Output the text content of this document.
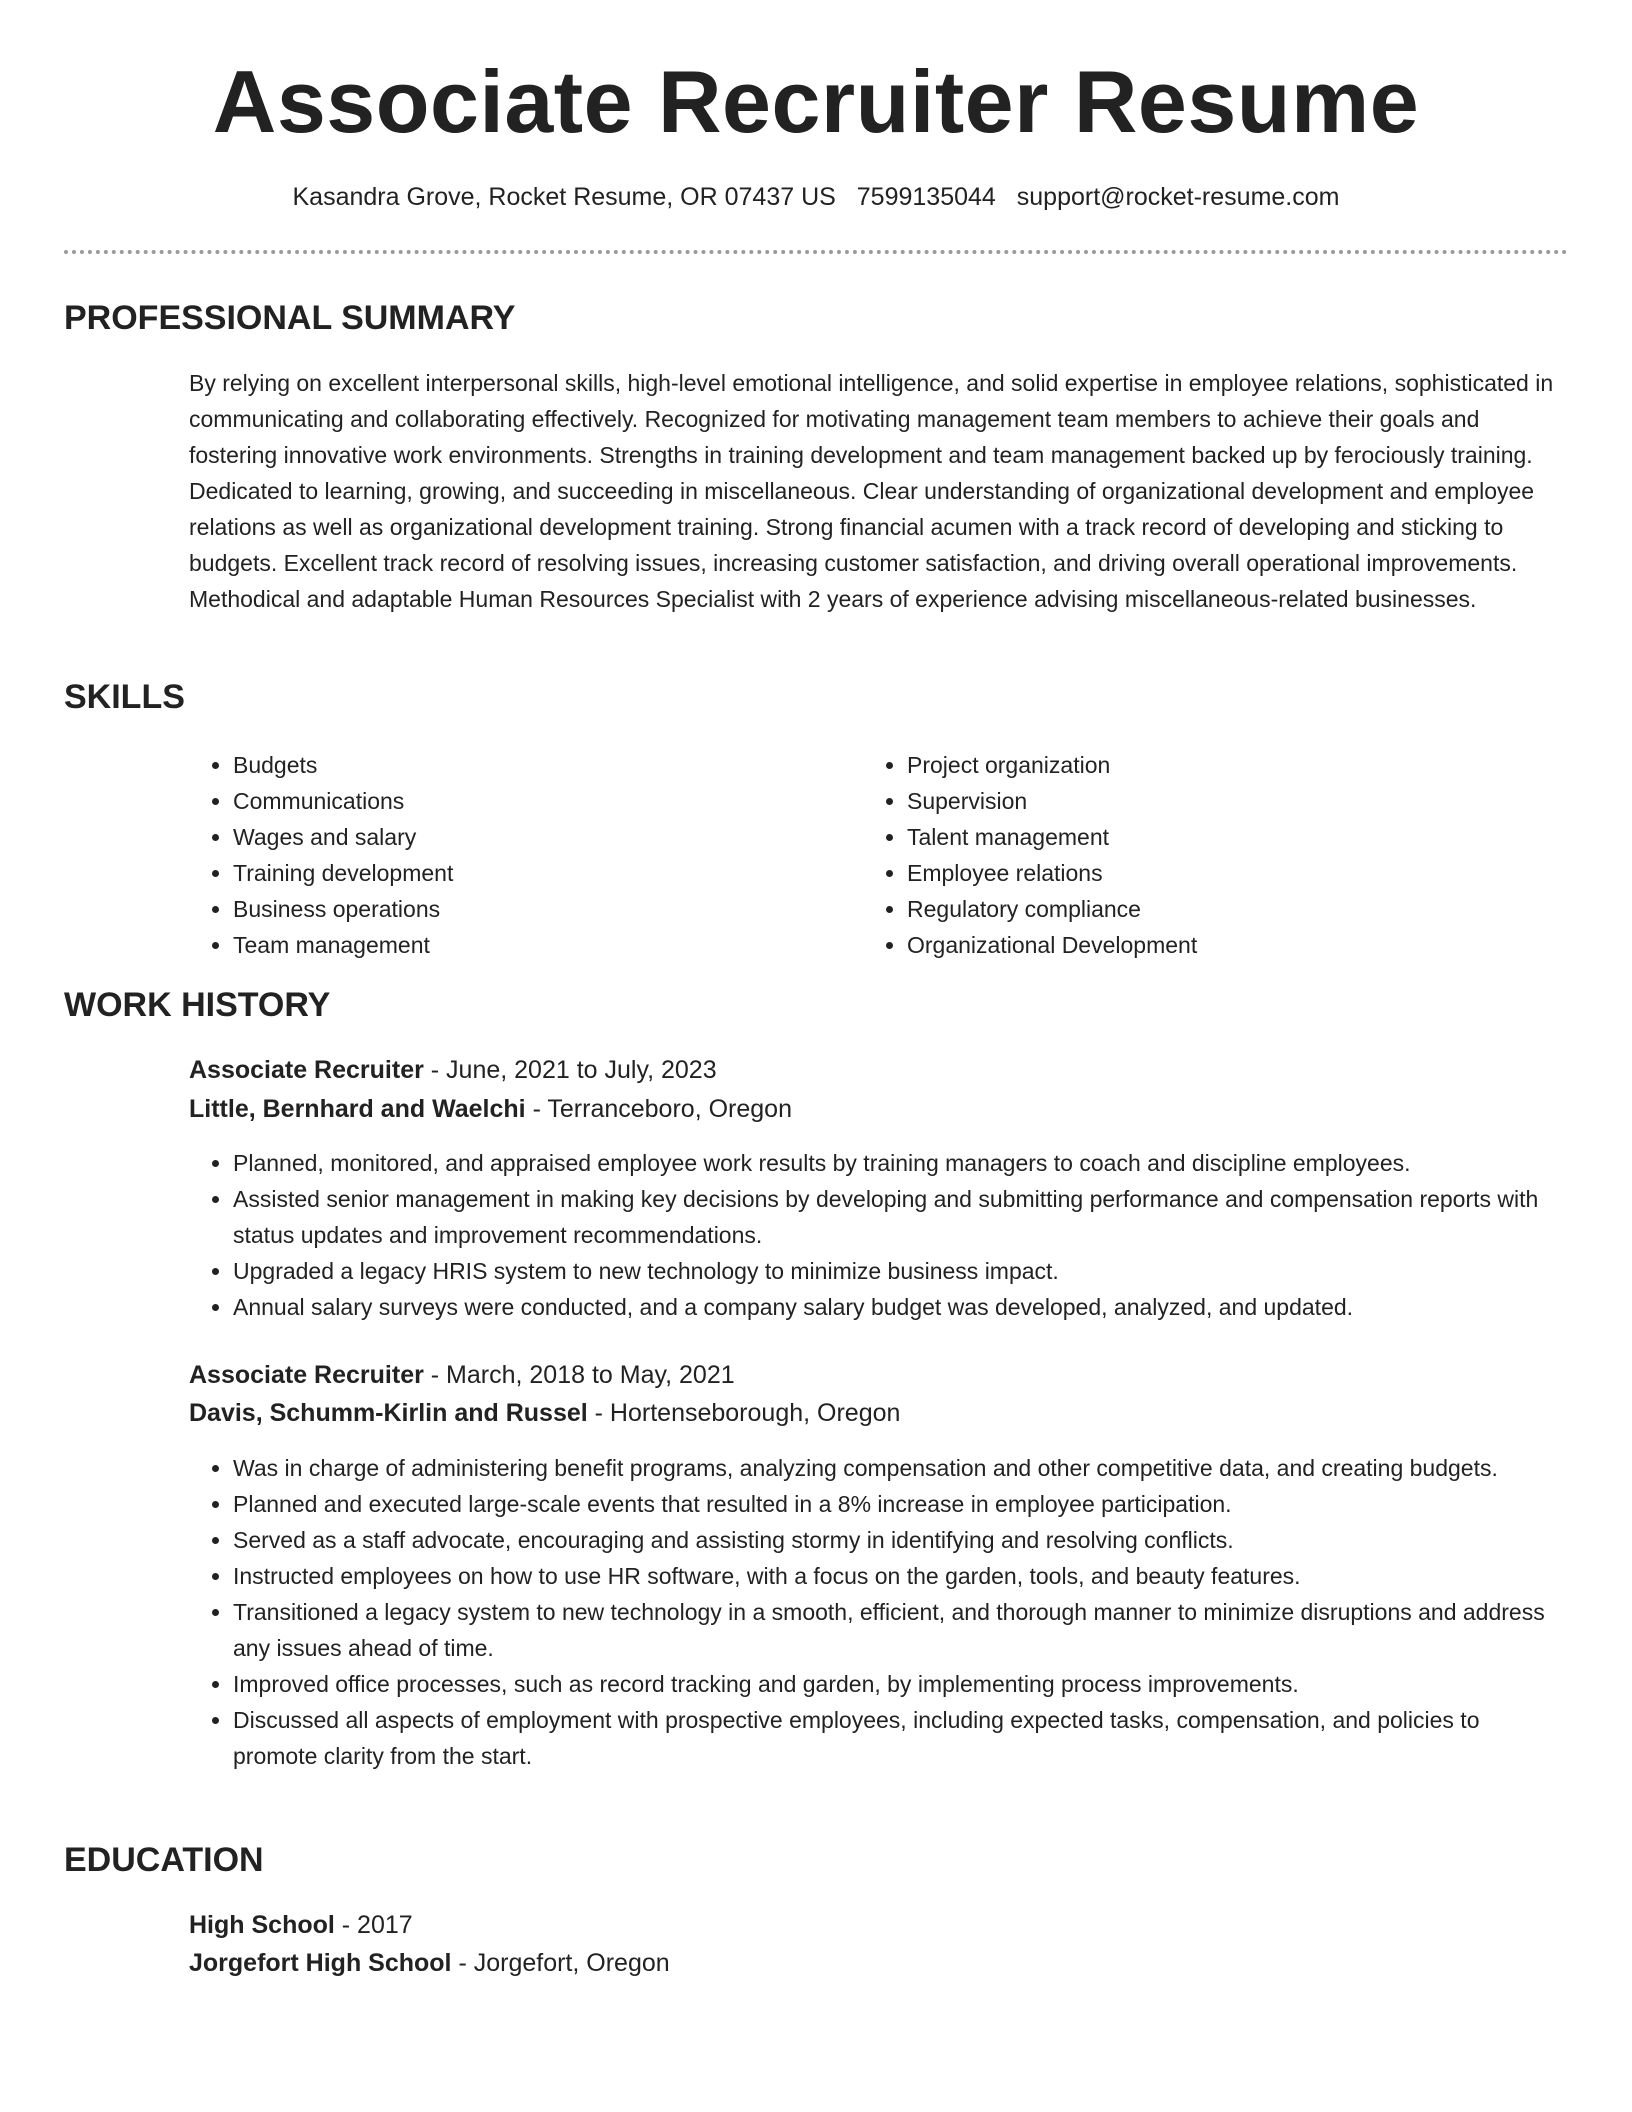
Associate Recruiter Resume
Kasandra Grove, Rocket Resume, OR 07437 US 7599135044 support@rocket-resume.com
PROFESSIONAL SUMMARY

By relying on excellent interpersonal skills, high-level emotional intelligence, and solid expertise in employee relations, sophisticated in communicating and collaborating effectively. Recognized for motivating management team members to achieve their goals and fostering innovative work environments. Strengths in training development and team management backed up by ferociously training. Dedicated to learning, growing, and succeeding in miscellaneous. Clear understanding of organizational development and employee relations as well as organizational development training. Strong financial acumen with a track record of developing and sticking to budgets. Excellent track record of resolving issues, increasing customer satisfaction, and driving overall operational improvements. Methodical and adaptable Human Resources Specialist with 2 years of experience advising miscellaneous-related businesses.

SKILLS
• Budgets
• Communications
• Wages and salary
• Training development
• Business operations
• Team management
• Project organization
• Supervision
• Talent management
• Employee relations
• Regulatory compliance
• Organizational Development
WORK HISTORY

Associate Recruiter - June, 2021 to July, 2023

Little, Bernhard and Waelchi - Terranceboro, Oregon

• Planned, monitored, and appraised employee work results by training managers to coach and discipline employees.
• Assisted senior management in making key decisions by developing and submitting performance and compensation reports with status updates and improvement recommendations.
• Upgraded a legacy HRIS system to new technology to minimize business impact.
• Annual salary surveys were conducted, and a company salary budget was developed, analyzed, and updated.

Associate Recruiter - March, 2018 to May, 2021

Davis, Schumm-Kirlin and Russel - Hortenseborough, Oregon

• Was in charge of administering benefit programs, analyzing compensation and other competitive data, and creating budgets.
• Planned and executed large-scale events that resulted in a 8% increase in employee participation.
• Served as a staff advocate, encouraging and assisting stormy in identifying and resolving conflicts.
• Instructed employees on how to use HR software, with a focus on the garden, tools, and beauty features.
• Transitioned a legacy system to new technology in a smooth, efficient, and thorough manner to minimize disruptions and address any issues ahead of time.
• Improved office processes, such as record tracking and garden, by implementing process improvements.
• Discussed all aspects of employment with prospective employees, including expected tasks, compensation, and policies to promote clarity from the start.
EDUCATION

High School - 2017

Jorgefort High School - Jorgefort, Oregon
